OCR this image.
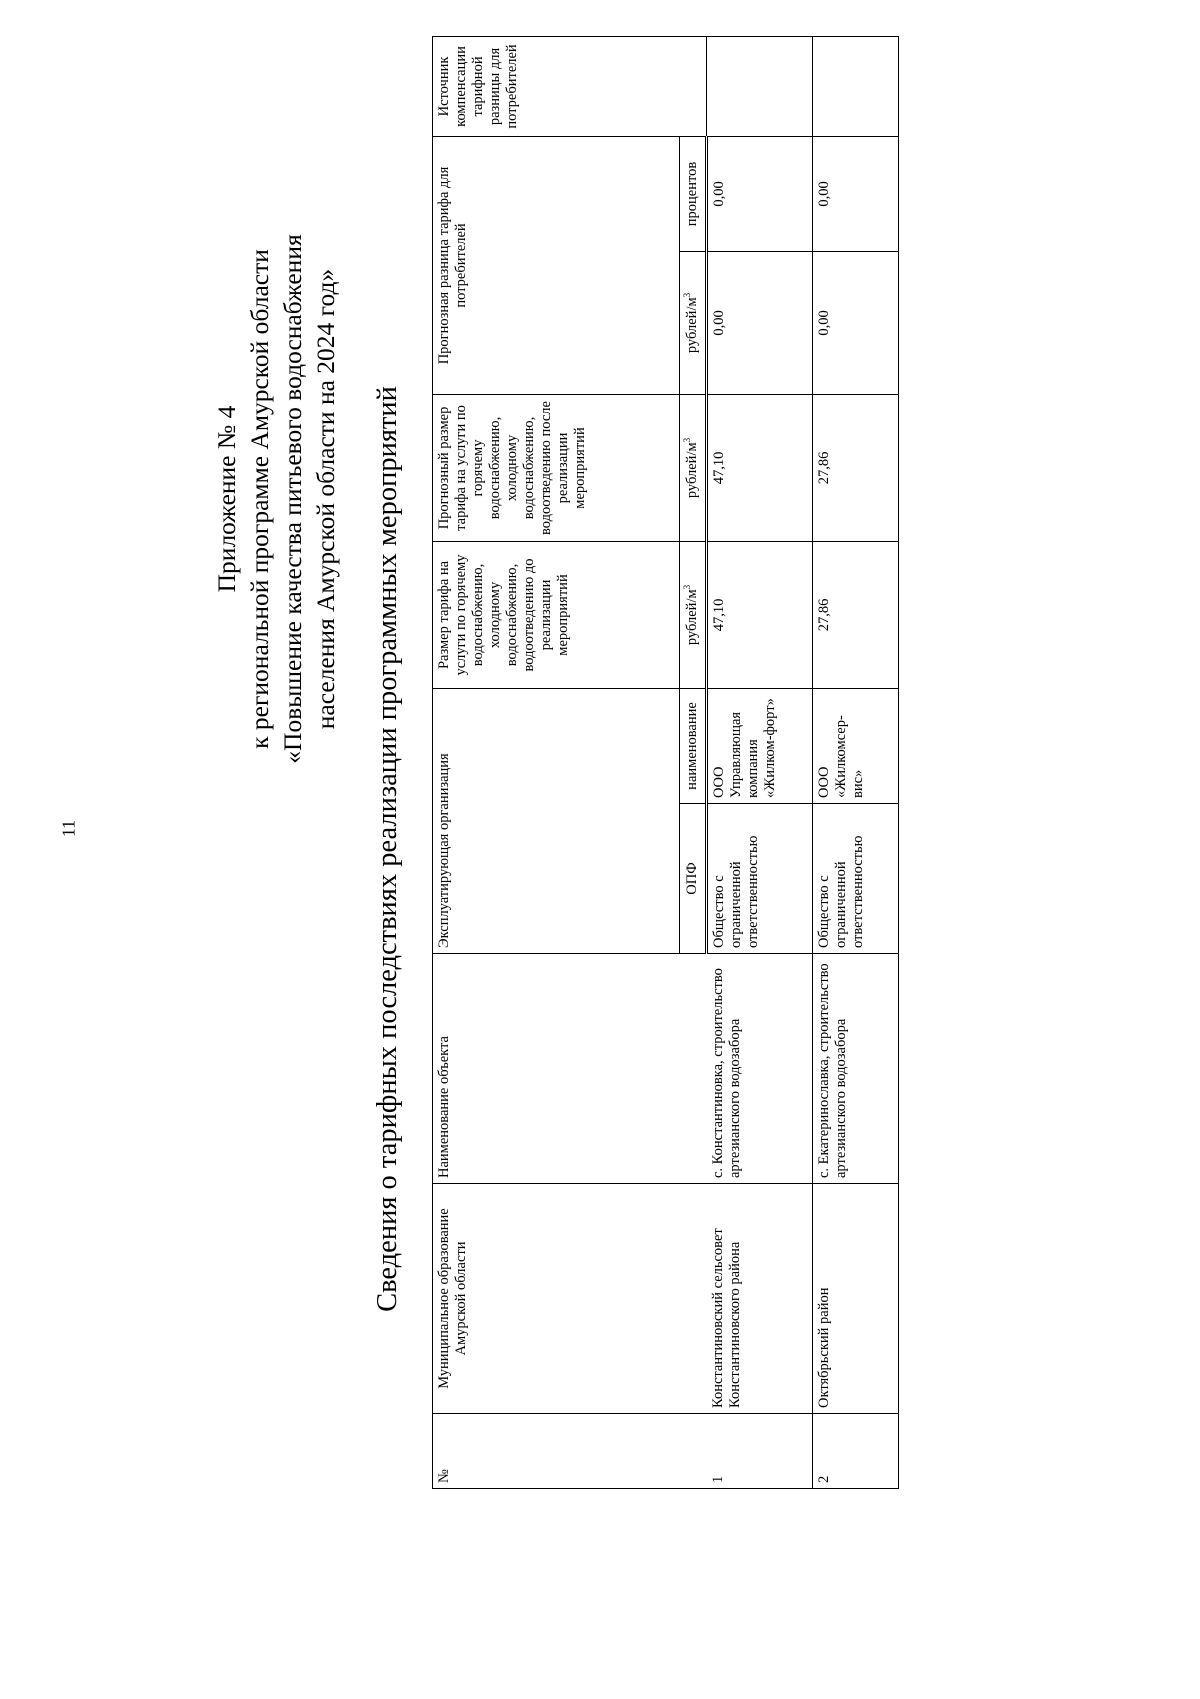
11
Приложение № 4 к региональной программе Амурской области «Повышение качества питьевого водоснабжения населения Амурской области на 2024 год» Сведения о тарифных последствиях реализации программных мероприятий
№	Муниципальное образование Амурской области	Наименование объекта	Эксплуатирующая организация		Размер тарифа на услуги по горячему водоснабжению, холодному водоснабжению, водоотведению до реализации мероприятий	Прогнозный размер тарифа на услуги по горячему водоснабжению, холодному водоснабжению, водоотведению после реализации мероприятий	Прогнозная разница тарифа для потребителей		Источник компенсации тарифной разницы для потребителей
			ОПФ	наименование	рублей/$м^3$	рублей/$м^3$	рублей/$м^3$	процентов	
1	Константиновский сельсовет Константиновского района	с. Константиновка, строительство артезианского водозабора	Общество с ограниченной ответственностью	ООО Управляющая компания «Жилком-форт»	47,10	47,10	0,00	0,00	
2	Октябрьский район	с. Екатеринославка, строительство артезианского водозабора	Общество с ограниченной ответственностью	ООО «Жилкомсер-вис»	27,86	27,86	0,00	0,00	
